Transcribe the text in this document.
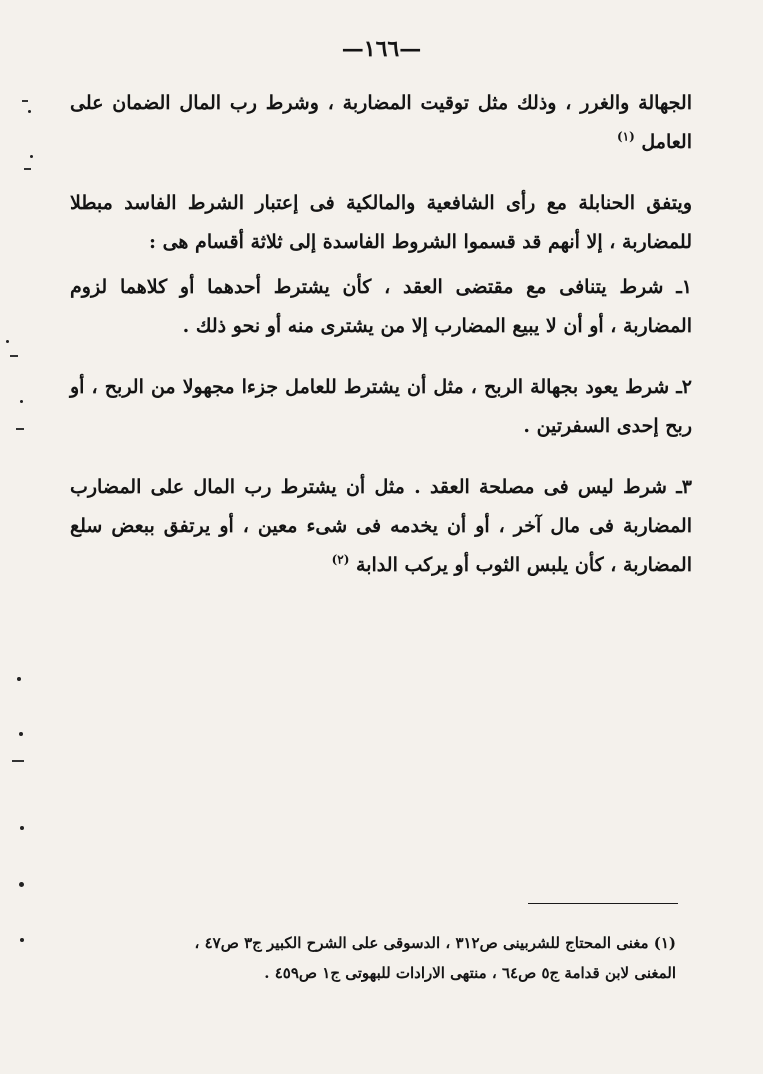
—١٦٦—

الجهالة والغرر ، وذلك مثل توقيت المضاربة ، وشرط رب المال الضمان على العامل $^{(١)}$

ويتفق الحنابلة مع رأى الشافعية والمالكية فى إعتبار الشرط الفاسد مبطلا للمضاربة ، إلا أنهم قد قسموا الشروط الفاسدة إلى ثلاثة أقسام هى :

١ـ شرط يتنافى مع مقتضى العقد ، كأن يشترط أحدهما أو كلاهما لزوم المضاربة ، أو أن لا يبيع المضارب إلا من يشترى منه أو نحو ذلك .

٢ـ شرط يعود بجهالة الربح ، مثل أن يشترط للعامل جزءا مجهولا من الربح ، أو ربح إحدى السفرتين .

٣ـ شرط ليس فى مصلحة العقد . مثل أن يشترط رب المال على المضارب المضاربة فى مال آخر ، أو أن يخدمه فى شىء معين ، أو يرتفق ببعض سلع المضاربة ، كأن يلبس الثوب أو يركب الدابة $^{(٢)}$

(١) مغنى المحتاج للشربينى ص٣١٢ ، الدسوقى على الشرح الكبير ج٣ ص٤٧ ،

المغنى لابن قدامة ج٥ ص٦٤ ، منتهى الارادات للبهوتى ج١ ص٤٥٩ .
